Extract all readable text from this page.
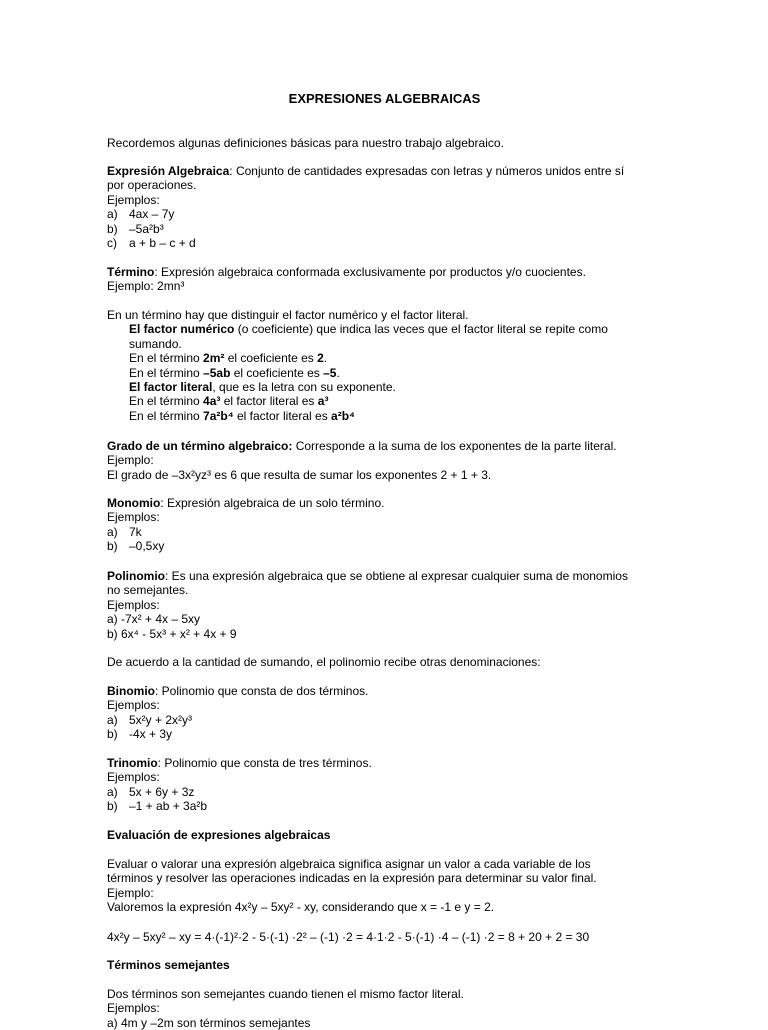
EXPRESIONES ALGEBRAICAS
Recordemos algunas definiciones básicas para nuestro trabajo algebraico.
Expresión Algebraica: Conjunto de cantidades expresadas con letras y números unidos entre sí
por operaciones.
Ejemplos:
a) 4ax – 7y
b) –5a²b³
c) a + b – c + d
Término: Expresión algebraica conformada exclusivamente por productos y/o cuocientes.
Ejemplo: 2mn³
En un término hay que distinguir el factor numérico y el factor literal.
El factor numérico (o coeficiente) que indica las veces que el factor literal se repite como
sumando.
En el término 2m² el coeficiente es 2.
En el término –5ab el coeficiente es –5.
El factor literal, que es la letra con su exponente.
En el término 4a³ el factor literal es a³
En el término 7a²b⁴ el factor literal es a²b⁴
Grado de un término algebraico: Corresponde a la suma de los exponentes de la parte literal.
Ejemplo:
El grado de –3x²yz³ es 6 que resulta de sumar los exponentes 2 + 1 + 3.
Monomio: Expresión algebraica de un solo término.
Ejemplos:
a) 7k
b) –0,5xy
Polinomio: Es una expresión algebraica que se obtiene al expresar cualquier suma de monomios
no semejantes.
Ejemplos:
a) -7x² + 4x – 5xy
b) 6x⁴ - 5x³ + x² + 4x + 9
De acuerdo a la cantidad de sumando, el polinomio recibe otras denominaciones:
Binomio: Polinomio que consta de dos términos.
Ejemplos:
a) 5x²y + 2x²y³
b) -4x + 3y
Trinomio: Polinomio que consta de tres términos.
Ejemplos:
a) 5x + 6y + 3z
b) –1 + ab + 3a²b
Evaluación de expresiones algebraicas
Evaluar o valorar una expresión algebraica significa asignar un valor a cada variable de los
términos y resolver las operaciones indicadas en la expresión para determinar su valor final.
Ejemplo:
Valoremos la expresión 4x²y – 5xy² - xy, considerando que x = -1 e y = 2.
4x²y – 5xy² – xy = 4·(-1)²·2 - 5·(-1) ·2² – (-1) ·2 = 4·1·2 - 5·(-1) ·4 – (-1) ·2 = 8 + 20 + 2 = 30
Términos semejantes
Dos términos son semejantes cuando tienen el mismo factor literal.
Ejemplos:
a) 4m y –2m son términos semejantes
